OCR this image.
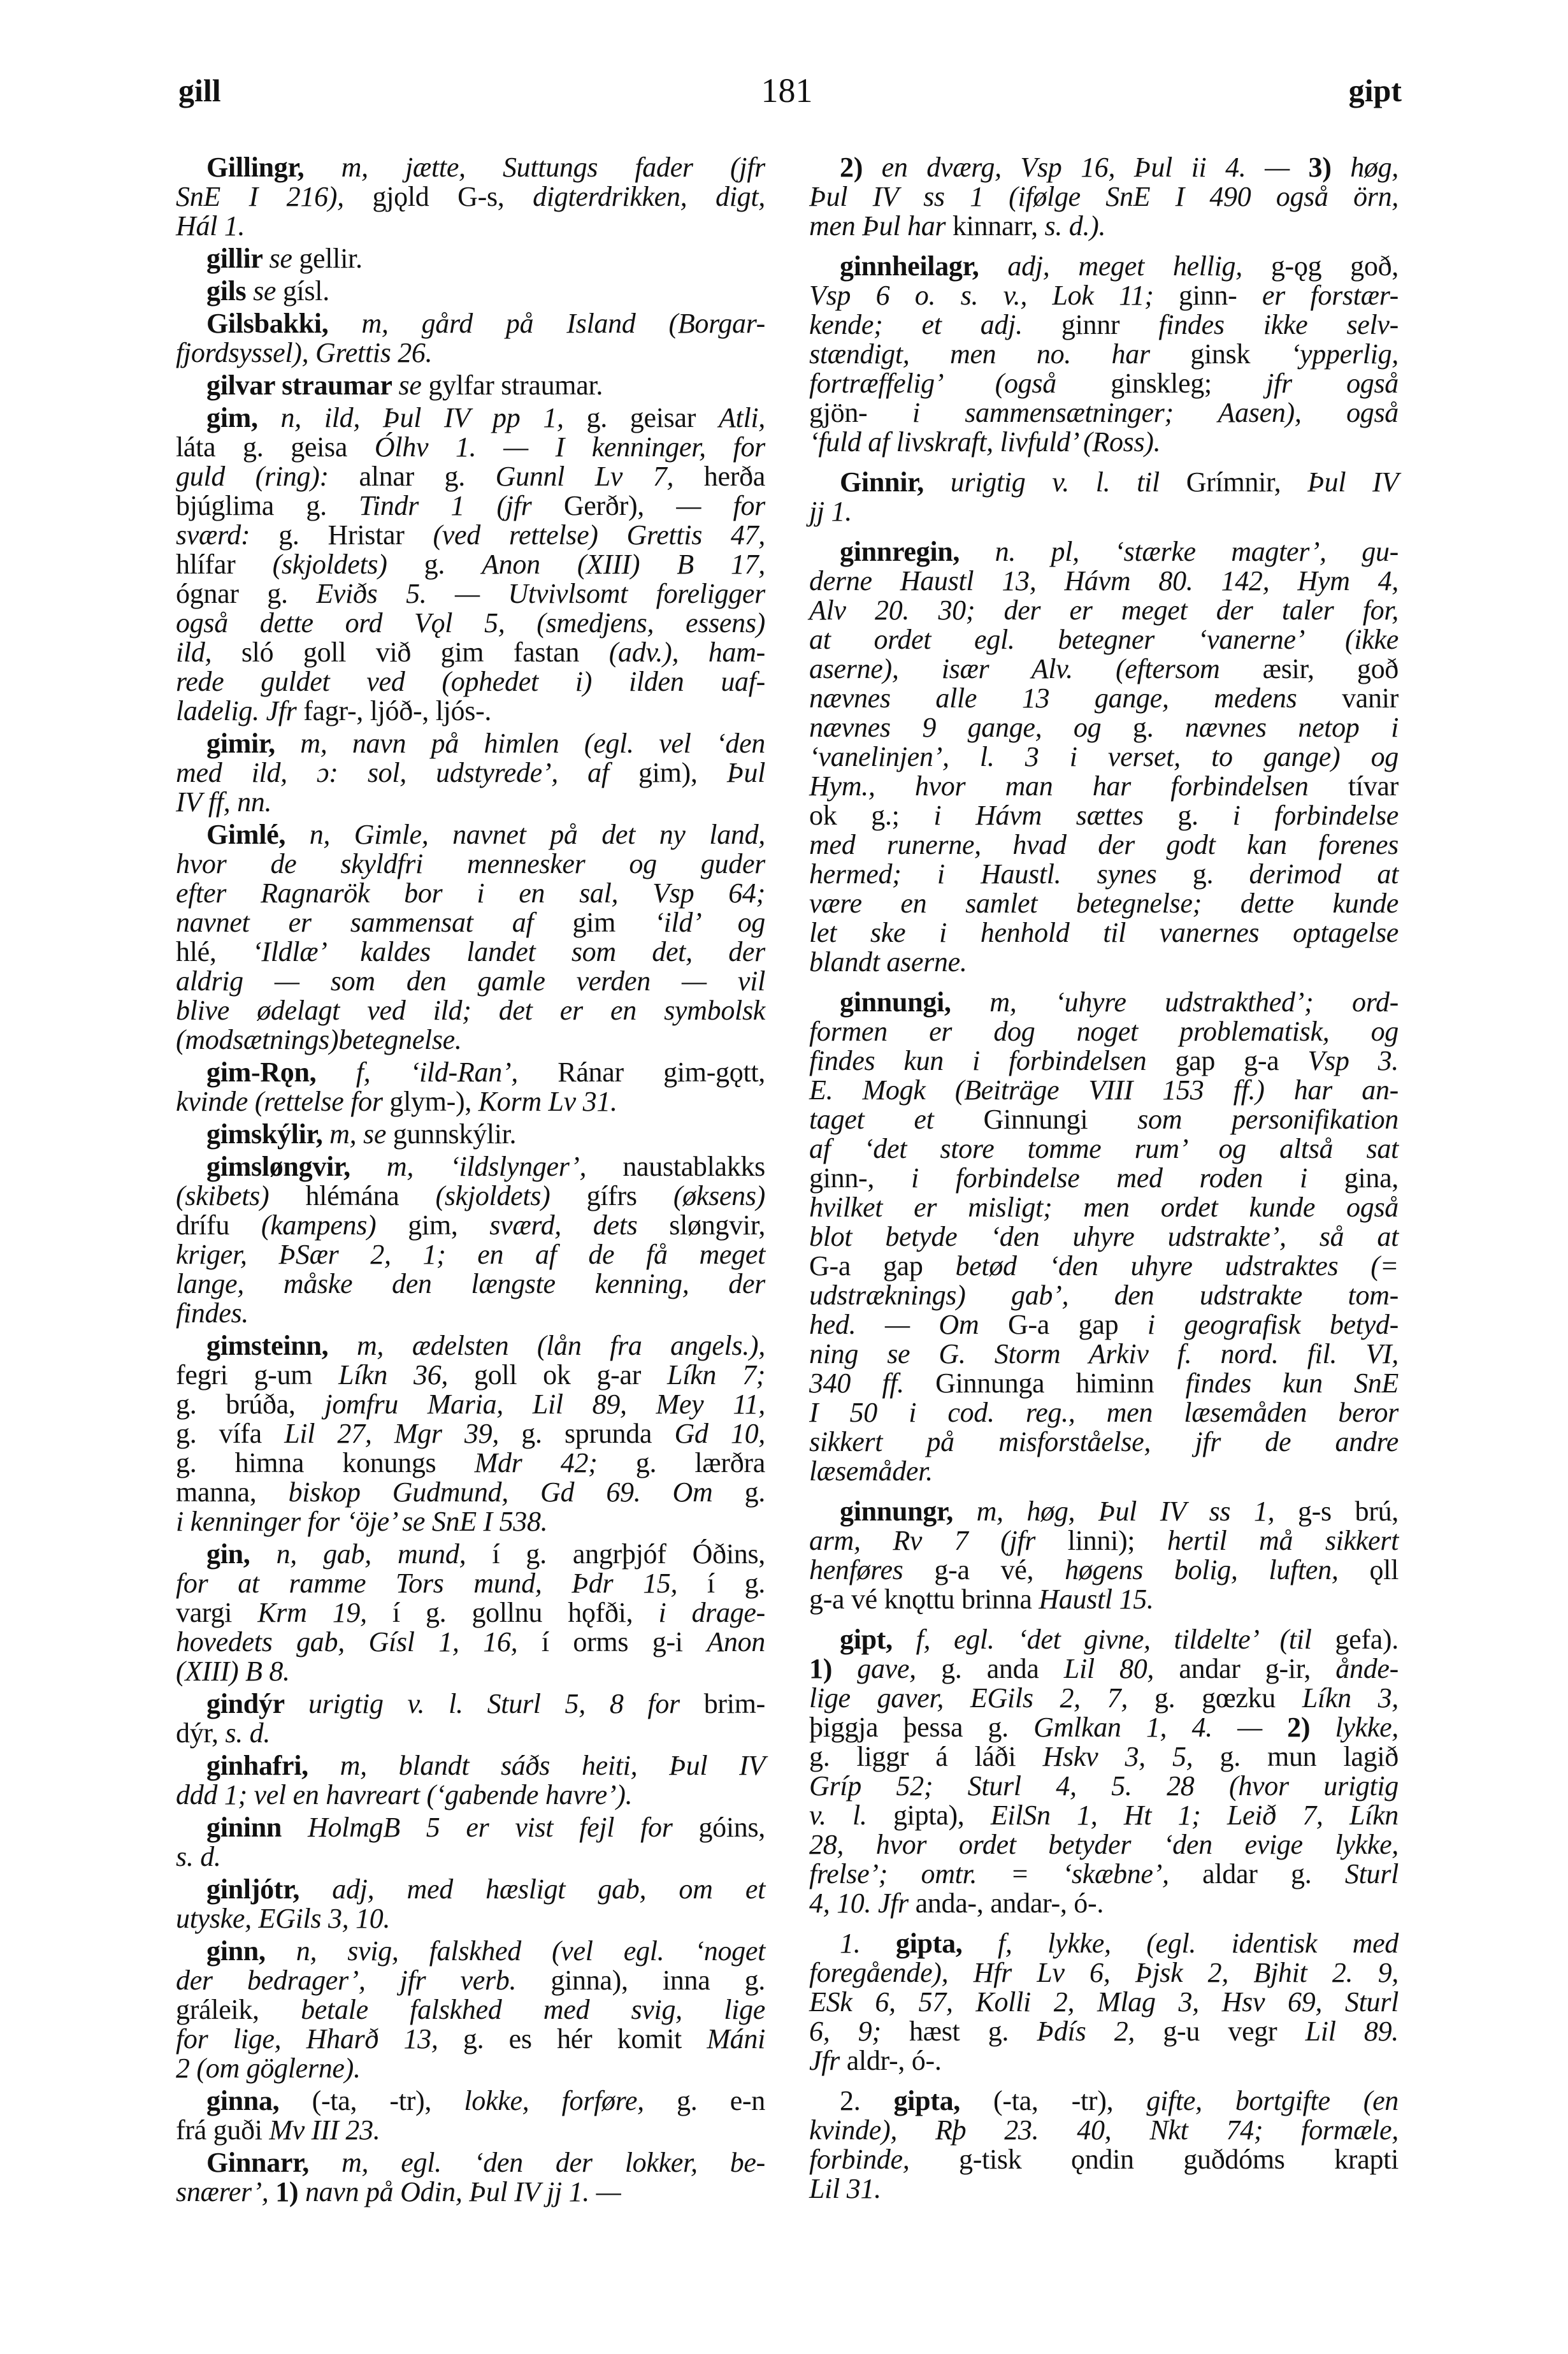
gill	181	gipt
Gillingr, m, jætte, Suttungs fader (jfr
SnE I 216), gjǫld G-s, digterdrikken, digt,
Hál 1.
gillir se gellir.
gils se gísl.
Gilsbakki, m, gård på Island (Borgar-
fjordsyssel), Grettis 26.
gilvar straumar se gylfar straumar.
gim, n, ild, Þul IV pp 1, g. geisar Atli,
láta g. geisa Ólhv 1. — I kenninger, for
guld (ring): alnar g. Gunnl Lv 7, herða
bjúglima g. Tindr 1 (jfr Gerðr), — for
sværd: g. Hristar (ved rettelse) Grettis 47,
hlífar (skjoldets) g. Anon (XIII) B 17,
ógnar g. Eviðs 5. — Utvivlsomt foreligger
også dette ord Vǫl 5, (smedjens, essens)
ild, sló goll við gim fastan (adv.), ham-
rede guldet ved (ophedet i) ilden uaf-
ladelig. Jfr fagr-, ljóð-, ljós-.
gimir, m, navn på himlen (egl. vel ‘den
med ild, ɔ: sol, udstyrede’, af gim), Þul
IV ff, nn.
Gimlé, n, Gimle, navnet på det ny land,
hvor de skyldfri mennesker og guder
efter Ragnarök bor i en sal, Vsp 64;
navnet er sammensat af gim ‘ild’ og
hlé, ‘Ildlæ’ kaldes landet som det, der
aldrig — som den gamle verden — vil
blive ødelagt ved ild; det er en symbolsk
(modsætnings)betegnelse.
gim-Rǫn, f, ‘ild-Ran’, Ránar gim-gǫtt,
kvinde (rettelse for glym-), Korm Lv 31.
gimskýlir, m, se gunnskýlir.
gimsløngvir, m, ‘ildslynger’, naustablakks
(skibets) hlémána (skjoldets) gífrs (øksens)
drífu (kampens) gim, sværd, dets sløngvir,
kriger, ÞSær 2, 1; en af de få meget
lange, måske den længste kenning, der
findes.
gimsteinn, m, ædelsten (lån fra angels.),
fegri g-um Líkn 36, goll ok g-ar Líkn 7;
g. brúða, jomfru Maria, Lil 89, Mey 11,
g. vífa Lil 27, Mgr 39, g. sprunda Gd 10,
g. himna konungs Mdr 42; g. lærðra
manna, biskop Gudmund, Gd 69. Om g.
i kenninger for ‘öje’ se SnE I 538.
gin, n, gab, mund, í g. angrþjóf Óðins,
for at ramme Tors mund, Þdr 15, í g.
vargi Krm 19, í g. gollnu hǫfði, i drage-
hovedets gab, Gísl 1, 16, í orms g-i Anon
(XIII) B 8.
gindýr urigtig v. l. Sturl 5, 8 for brim-
dýr, s. d.
ginhafri, m, blandt sáðs heiti, Þul IV
ddd 1; vel en havreart (‘gabende havre’).
gininn HolmgB 5 er vist fejl for góins,
s. d.
ginljótr, adj, med hæsligt gab, om et
utyske, EGils 3, 10.
ginn, n, svig, falskhed (vel egl. ‘noget
der bedrager’, jfr verb. ginna), inna g.
gráleik, betale falskhed med svig, lige
for lige, Hharð 13, g. es hér komit Máni
2 (om göglerne).
ginna, (-ta, -tr), lokke, forføre, g. e-n
frá guði Mv III 23.
Ginnarr, m, egl. ‘den der lokker, be-
snærer’, 1) navn på Odin, Þul IV jj 1. —
2) en dværg, Vsp 16, Þul ii 4. — 3) høg,
Þul IV ss 1 (ifølge SnE I 490 også örn,
men Þul har kinnarr, s. d.).
ginnheilagr, adj, meget hellig, g-ǫg goð,
Vsp 6 o. s. v., Lok 11; ginn- er forstær-
kende; et adj. ginnr findes ikke selv-
stændigt, men no. har ginsk ‘ypperlig,
fortræffelig’ (også ginskleg; jfr også
gjön- i sammensætninger; Aasen), også
‘fuld af livskraft, livfuld’ (Ross).
Ginnir, urigtig v. l. til Grímnir, Þul IV
jj 1.
ginnregin, n. pl, ‘stærke magter’, gu-
derne Haustl 13, Hávm 80. 142, Hym 4,
Alv 20. 30; der er meget der taler for,
at ordet egl. betegner ‘vanerne’ (ikke
aserne), især Alv. (eftersom æsir, goð
nævnes alle 13 gange, medens vanir
nævnes 9 gange, og g. nævnes netop i
‘vanelinjen’, l. 3 i verset, to gange) og
Hym., hvor man har forbindelsen tívar
ok g.; i Hávm sættes g. i forbindelse
med runerne, hvad der godt kan forenes
hermed; i Haustl. synes g. derimod at
være en samlet betegnelse; dette kunde
let ske i henhold til vanernes optagelse
blandt aserne.
ginnungi, m, ‘uhyre udstrakthed’; ord-
formen er dog noget problematisk, og
findes kun i forbindelsen gap g-a Vsp 3.
E. Mogk (Beiträge VIII 153 ff.) har an-
taget et Ginnungi som personifikation
af ‘det store tomme rum’ og altså sat
ginn-, i forbindelse med roden i gina,
hvilket er misligt; men ordet kunde også
blot betyde ‘den uhyre udstrakte’, så at
G-a gap betød ‘den uhyre udstraktes (=
udstræknings) gab’, den udstrakte tom-
hed. — Om G-a gap i geografisk betyd-
ning se G. Storm Arkiv f. nord. fil. VI,
340 ff. Ginnunga himinn findes kun SnE
I 50 i cod. reg., men læsemåden beror
sikkert på misforståelse, jfr de andre
læsemåder.
ginnungr, m, høg, Þul IV ss 1, g-s brú,
arm, Rv 7 (jfr linni); hertil må sikkert
henføres g-a vé, høgens bolig, luften, ǫll
g-a vé knǫttu brinna Haustl 15.
gipt, f, egl. ‘det givne, tildelte’ (til gefa).
1) gave, g. anda Lil 80, andar g-ir, ånde-
lige gaver, EGils 2, 7, g. gœzku Líkn 3,
þiggja þessa g. Gmlkan 1, 4. — 2) lykke,
g. liggr á láði Hskv 3, 5, g. mun lagið
Gríp 52; Sturl 4, 5. 28 (hvor urigtig
v. l. gipta), EilSn 1, Ht 1; Leið 7, Líkn
28, hvor ordet betyder ‘den evige lykke,
frelse’; omtr. = ‘skæbne’, aldar g. Sturl
4, 10. Jfr anda-, andar-, ó-.
1. gipta, f, lykke, (egl. identisk med
foregående), Hfr Lv 6, Þjsk 2, Bjhit 2. 9,
ESk 6, 57, Kolli 2, Mlag 3, Hsv 69, Sturl
6, 9; hæst g. Þdís 2, g-u vegr Lil 89.
Jfr aldr-, ó-.
2. gipta, (-ta, -tr), gifte, bortgifte (en
kvinde), Rþ 23. 40, Nkt 74; formæle,
forbinde, g-tisk ǫndin guðdóms krapti
Lil 31.
